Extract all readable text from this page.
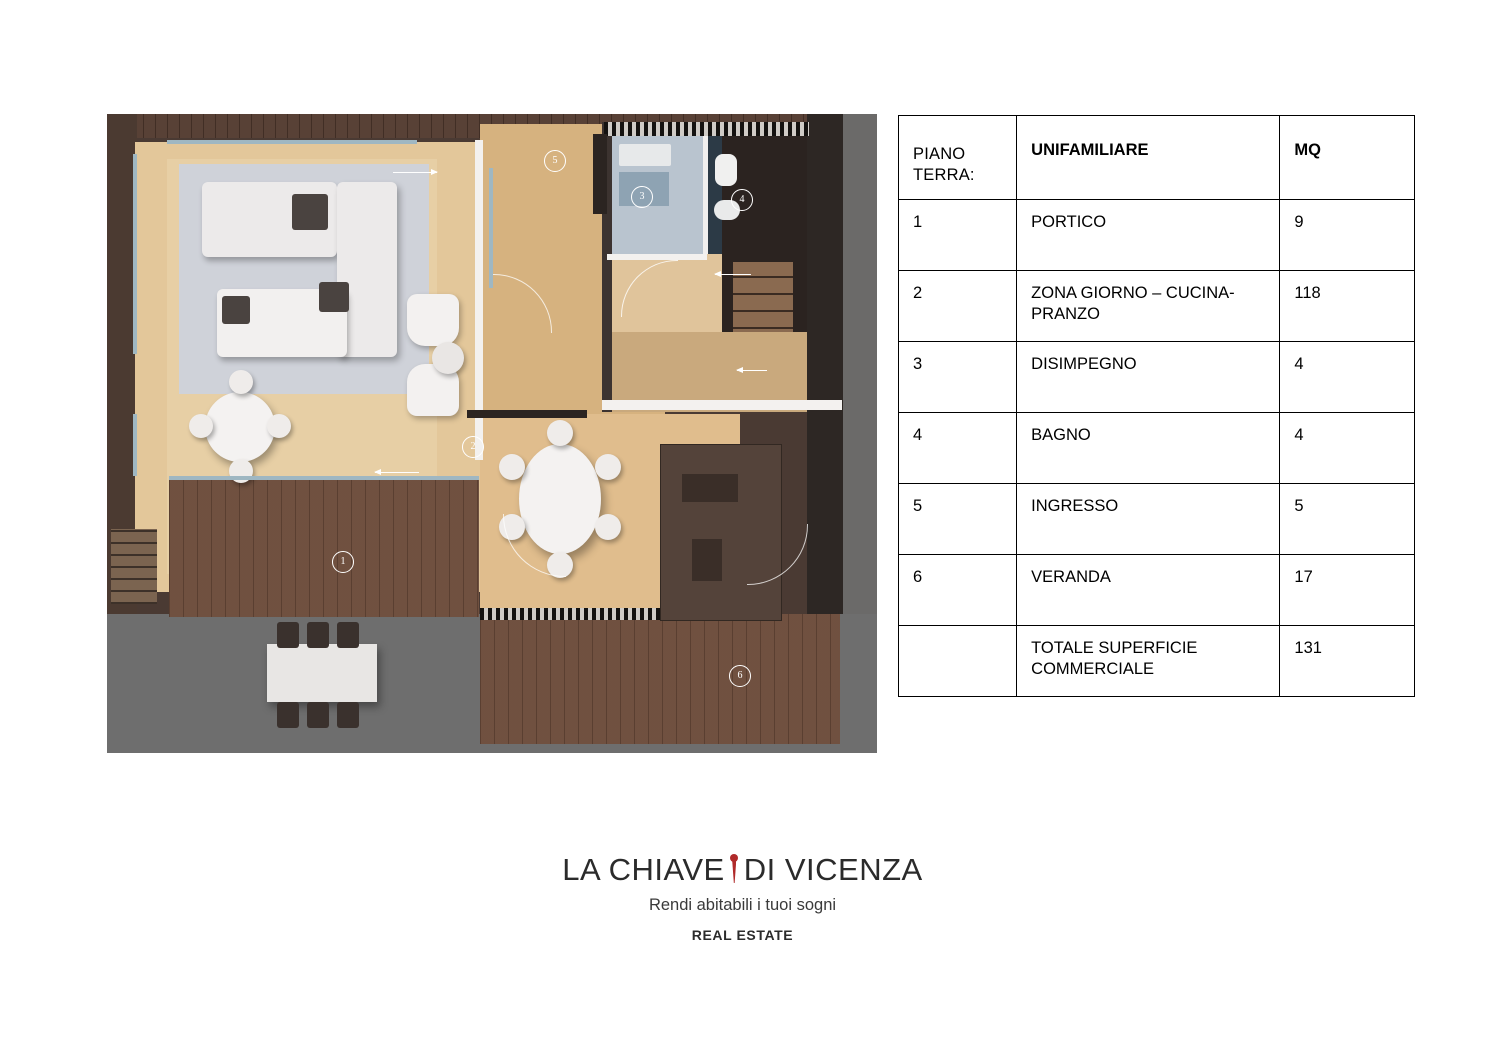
1
2
3	4
5
6
PIANO TERRA:	UNIFAMILIARE	MQ
1	PORTICO	9
2	ZONA GIORNO – CUCINA-PRANZO	118
3	DISIMPEGNO	4
4	BAGNO	4
5	INGRESSO	5
6	VERANDA	17
	TOTALE SUPERFICIE COMMERCIALE	131
LA CHIAVE DI VICENZA
Rendi abitabili i tuoi sogni
REAL ESTATE
